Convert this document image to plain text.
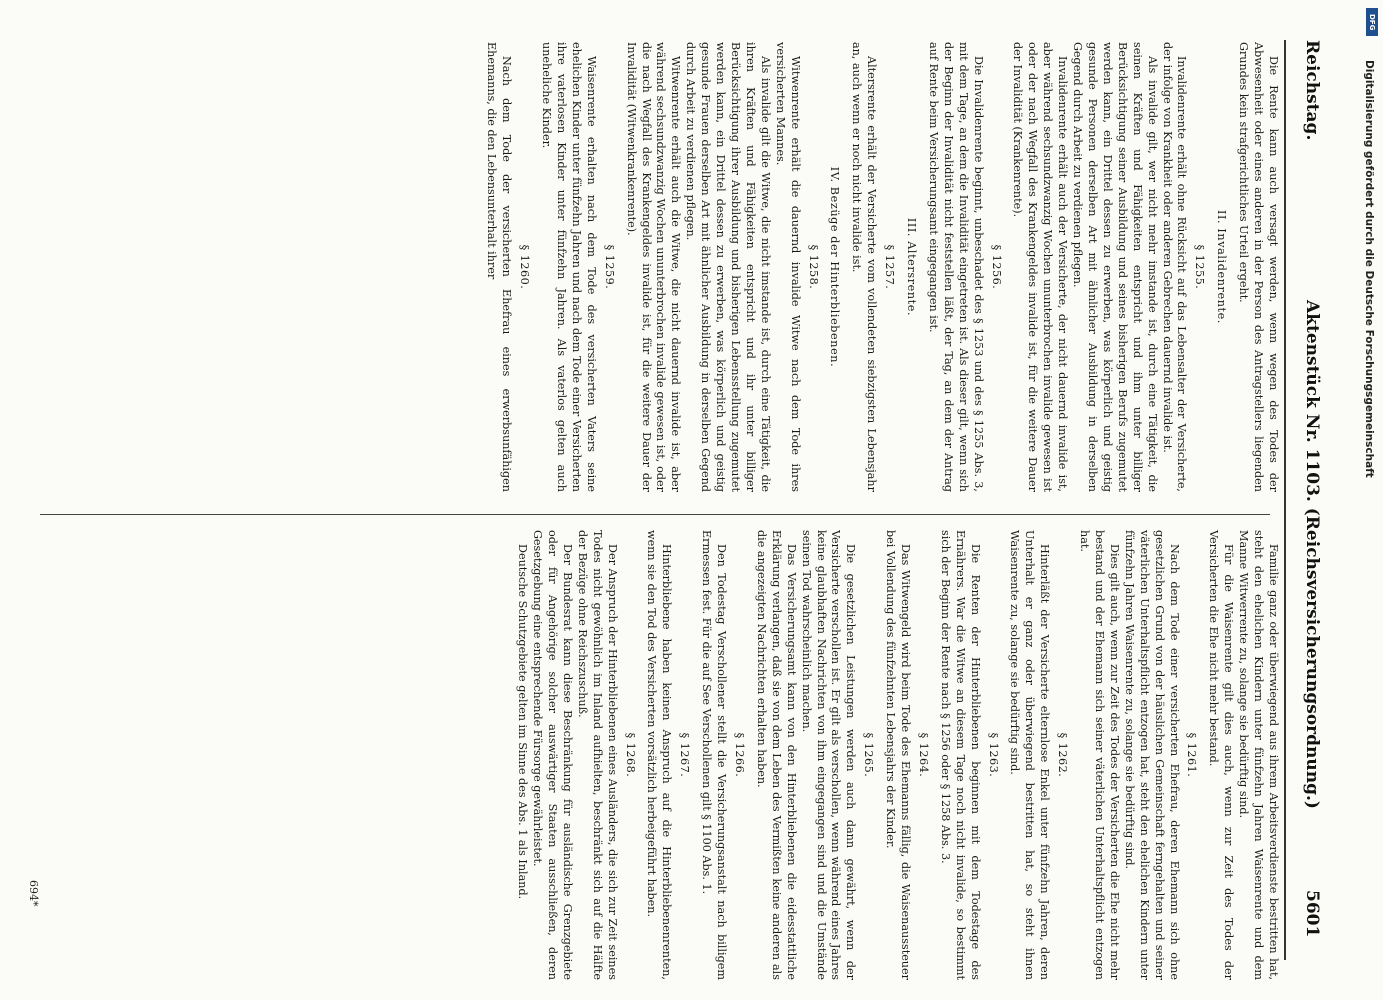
Reichstag.
Aktenstück Nr. 1103. (Reichsversicherungsordnung.)
5601

Die Rente kann auch versagt werden, wenn wegen des Todes der Abwesenheit oder eines anderen in der Person des Antragstellers liegenden Grundes kein strafgerichtliches Urteil ergeht.

II. Invalidenrente.

§ 1255.

Invalidenrente erhält ohne Rücksicht auf das Lebensalter der Versicherte, der infolge von Krankheit oder anderen Gebrechen dauernd invalide ist.

Als invalide gilt, wer nicht mehr imstande ist, durch eine Tätigkeit, die seinen Kräften und Fähigkeiten entspricht und ihm unter billiger Berücksichtigung seiner Ausbildung und seines bisherigen Berufs zugemutet werden kann, ein Drittel dessen zu erwerben, was körperlich und geistig gesunde Personen derselben Art mit ähnlicher Ausbildung in derselben Gegend durch Arbeit zu verdienen pflegen.

Invalidenrente erhält auch der Versicherte, der nicht dauernd invalide ist, aber während sechsundzwanzig Wochen ununterbrochen invalide gewesen ist oder der nach Wegfall des Krankengeldes invalide ist, für die weitere Dauer der Invalidität (Krankenrente).

§ 1256.

Die Invalidenrente beginnt, unbeschadet des § 1253 und des § 1255 Abs. 3, mit dem Tage, an dem die Invalidität eingetreten ist. Als dieser gilt, wenn sich der Beginn der Invalidität nicht feststellen läßt, der Tag, an dem der Antrag auf Rente beim Versicherungsamt eingegangen ist.

III. Altersrente.

§ 1257.

Altersrente erhält der Versicherte vom vollendeten siebzigsten Lebensjahr an, auch wenn er noch nicht invalide ist.

IV. Bezüge der Hinterbliebenen.

§ 1258.

Witwenrente erhält die dauernd invalide Witwe nach dem Tode ihres versicherten Mannes.

Als invalide gilt die Witwe, die nicht imstande ist, durch eine Tätigkeit, die ihren Kräften und Fähigkeiten entspricht und ihr unter billiger Berücksichtigung ihrer Ausbildung und bisherigen Lebensstellung zugemutet werden kann, ein Drittel dessen zu erwerben, was körperlich und geistig gesunde Frauen derselben Art mit ähnlicher Ausbildung in derselben Gegend durch Arbeit zu verdienen pflegen.

Witwenrente erhält auch die Witwe, die nicht dauernd invalide ist, aber während sechsundzwanzig Wochen ununterbrochen invalide gewesen ist, oder die nach Wegfall des Krankengeldes invalide ist, für die weitere Dauer der Invalidität (Witwenkrankenrente).

§ 1259.

Waisenrente erhalten nach dem Tode des versicherten Vaters seine ehelichen Kinder unter fünfzehn Jahren und nach dem Tode einer Versicherten ihre vaterlosen Kinder unter fünfzehn Jahren. Als vaterlos gelten auch uneheliche Kinder.

§ 1260.

Nach dem Tode der versicherten Ehefrau eines erwerbsunfähigen Ehemanns, die den Lebensunterhalt ihrer

Familie ganz oder überwiegend aus ihrem Arbeitsverdienste bestritten hat, steht den ehelichen Kindern unter fünfzehn Jahren Waisenrente und dem Manne Witwerrente zu, solange sie bedürftig sind.

Für die Waisenrente gilt dies auch, wenn zur Zeit des Todes der Versicherten die Ehe nicht mehr bestand.

§ 1261.

Nach dem Tode einer versicherten Ehefrau, deren Ehemann sich ohne gesetzlichen Grund von der häuslichen Gemeinschaft ferngehalten und seiner väterlichen Unterhaltspflicht entzogen hat, steht den ehelichen Kindern unter fünfzehn Jahren Waisenrente zu, solange sie bedürftig sind.

Dies gilt auch, wenn zur Zeit des Todes der Versicherten die Ehe nicht mehr bestand und der Ehemann sich seiner väterlichen Unterhaltspflicht entzogen hat.

§ 1262.

Hinterläßt der Versicherte elternlose Enkel unter fünfzehn Jahren, deren Unterhalt er ganz oder überwiegend bestritten hat, so steht ihnen Waisenrente zu, solange sie bedürftig sind.

§ 1263.

Die Renten der Hinterbliebenen beginnen mit dem Todestage des Ernährers. War die Witwe an diesem Tage noch nicht invalide, so bestimmt sich der Beginn der Rente nach § 1256 oder § 1258 Abs. 3.

§ 1264.

Das Witwengeld wird beim Tode des Ehemanns fällig, die Waisenaussteuer bei Vollendung des fünfzehnten Lebensjahrs der Kinder.

§ 1265.

Die gesetzlichen Leistungen werden auch dann gewährt, wenn der Versicherte verschollen ist. Er gilt als verschollen, wenn während eines Jahres keine glaubhaften Nachrichten von ihm eingegangen sind und die Umstände seinen Tod wahrscheinlich machen.

Das Versicherungsamt kann von den Hinterbliebenen die eidesstattliche Erklärung verlangen, daß sie von dem Leben des Vermißten keine anderen als die angezeigten Nachrichten erhalten haben.

§ 1266.

Den Todestag Verschollener stellt die Versicherungsanstalt nach billigem Ermessen fest. Für die auf See Verschollenen gilt § 1100 Abs. 1.

§ 1267.

Hinterbliebene haben keinen Anspruch auf die Hinterbliebenenrenten, wenn sie den Tod des Versicherten vorsätzlich herbeigeführt haben.

§ 1268.

Der Anspruch der Hinterbliebenen eines Ausländers, die sich zur Zeit seines Todes nicht gewöhnlich im Inland aufhielten, beschränkt sich auf die Hälfte der Bezüge ohne Reichszuschuß.

Der Bundesrat kann diese Beschränkung für ausländische Grenzgebiete oder für Angehörige solcher auswärtiger Staaten ausschließen, deren Gesetzgebung eine entsprechende Fürsorge gewährleistet.

Deutsche Schutzgebiete gelten im Sinne des Abs. 1 als Inland.

694*
DFG
Digitalisierung gefördert durch die Deutsche Forschungsgemeinschaft
